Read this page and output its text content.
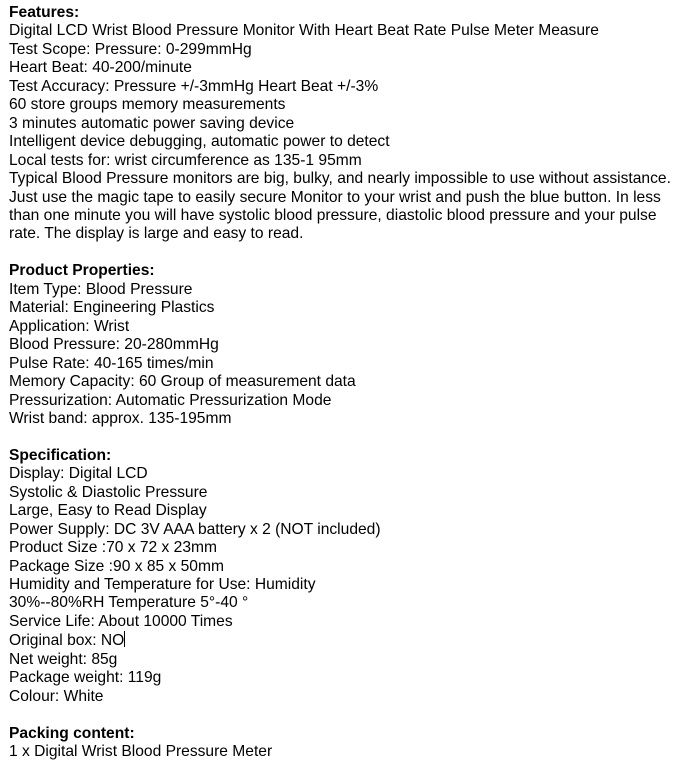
Features:
Digital LCD Wrist Blood Pressure Monitor With Heart Beat Rate Pulse Meter Measure
Test Scope: Pressure: 0-299mmHg
Heart Beat: 40-200/minute
Test Accuracy: Pressure +/-3mmHg Heart Beat +/-3%
60 store groups memory measurements
3 minutes automatic power saving device
Intelligent device debugging, automatic power to detect
Local tests for: wrist circumference as 135-1 95mm
Typical Blood Pressure monitors are big, bulky, and nearly impossible to use without assistance.
Just use the magic tape to easily secure Monitor to your wrist and push the blue button. In less
than one minute you will have systolic blood pressure, diastolic blood pressure and your pulse
rate. The display is large and easy to read.
Product Properties:
Item Type: Blood Pressure
Material: Engineering Plastics
Application: Wrist
Blood Pressure: 20-280mmHg
Pulse Rate: 40-165 times/min
Memory Capacity: 60 Group of measurement data
Pressurization: Automatic Pressurization Mode
Wrist band: approx. 135-195mm
Specification:
Display: Digital LCD
Systolic & Diastolic Pressure
Large, Easy to Read Display
Power Supply: DC 3V AAA battery x 2 (NOT included)
Product Size :70 x 72 x 23mm
Package Size :90 x 85 x 50mm
Humidity and Temperature for Use: Humidity
30%--80%RH Temperature 5°-40 °
Service Life: About 10000 Times
Original box: NO
Net weight: 85g
Package weight: 119g
Colour: White
Packing content:
1 x Digital Wrist Blood Pressure Meter
